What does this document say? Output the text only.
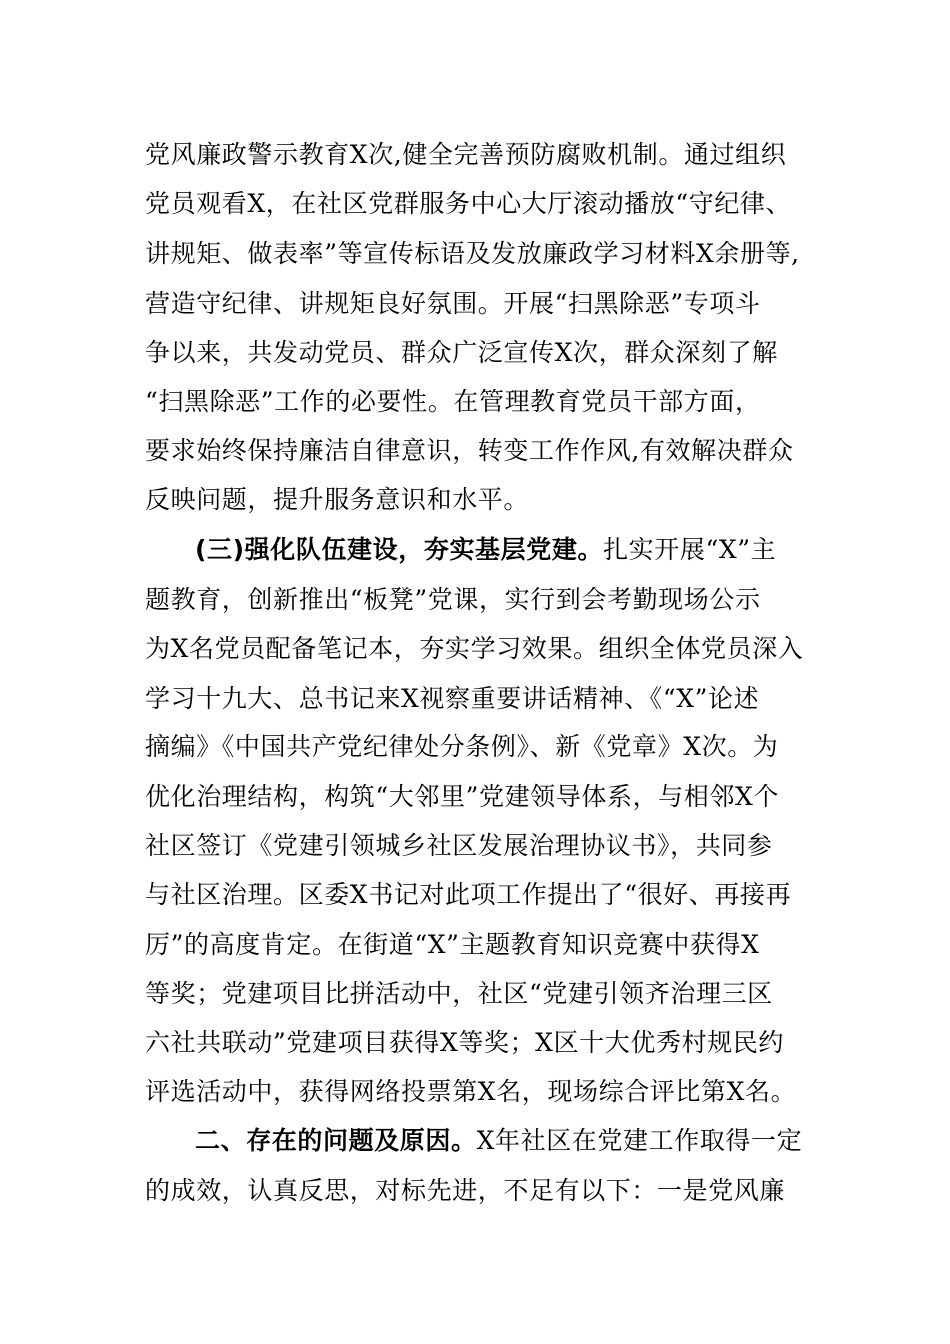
党风廉政警示教育X次,健全完善预防腐败机制。通过组织
党员观看X，在社区党群服务中心大厅滚动播放“守纪律、
讲规矩、做表率”等宣传标语及发放廉政学习材料X余册等,
营造守纪律、讲规矩良好氛围。开展“扫黑除恶”专项斗
争以来，共发动党员、群众广泛宣传X次，群众深刻了解
“扫黑除恶”工作的必要性。在管理教育党员干部方面，
要求始终保持廉洁自律意识，转变工作作风,有效解决群众
反映问题，提升服务意识和水平。
(三)强化队伍建设，夯实基层党建。扎实开展“X”主
题教育，创新推出“板凳”党课，实行到会考勤现场公示
为X名党员配备笔记本，夯实学习效果。组织全体党员深入
学习十九大、总书记来X视察重要讲话精神、《“X”论述
摘编》《中国共产党纪律处分条例》、新《党章》X次。为
优化治理结构，构筑“大邻里”党建领导体系，与相邻X个
社区签订《党建引领城乡社区发展治理协议书》，共同参
与社区治理。区委X书记对此项工作提出了“很好、再接再
厉”的高度肯定。在街道“X”主题教育知识竞赛中获得X
等奖；党建项目比拼活动中，社区“党建引领齐治理三区
六社共联动”党建项目获得X等奖；X区十大优秀村规民约
评选活动中，获得网络投票第X名，现场综合评比第X名。
二、存在的问题及原因。X年社区在党建工作取得一定
的成效，认真反思，对标先进，不足有以下：一是党风廉
